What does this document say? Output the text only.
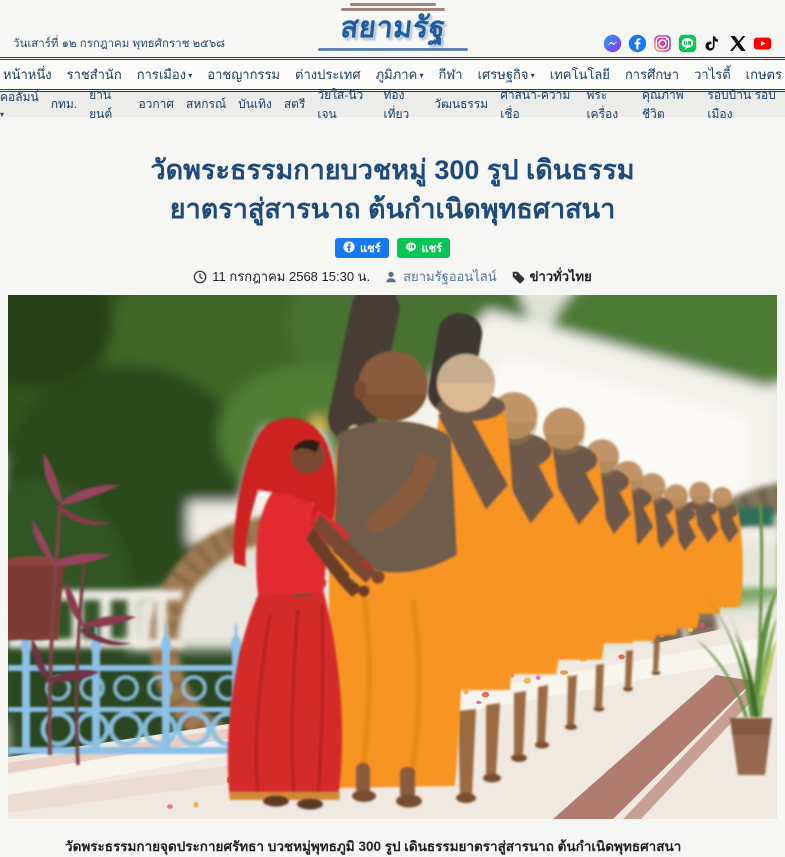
วันเสาร์ที่ ๑๒ กรกฎาคม พุทธศักราช ๒๕๖๘	สยามรัฐ
หน้าหนึ่ง ราชสำนัก การเมือง ▾ อาชญากรรม ต่างประเทศ ภูมิภาค ▾ กีฬา เศรษฐกิจ ▾ เทคโนโลยี การศึกษา วาไรตี้ เกษตร
คอลัมน์ ▾
กทม.
ยานยนต์
อวกาศ สหกรณ์ บันเทิง สตรี
วัยใส-นิวเจน
ท่องเที่ยว
วัฒนธรรม
ศาสนา-ความเชื่อ
พระเครื่อง
คุณภาพชีวิต
รอบบ้าน รอบเมือง
วัดพระธรรมกายบวชหมู่ 300 รูป เดินธรรม
ยาตราสู่สารนาถ ต้นกำเนิดพุทธศาสนา
แชร์	แชร์
11 กรกฎาคม 2568 15:30 น.	สยามรัฐออนไลน์	ข่าวทั่วไทย
วัดพระธรรมกายจุดประกายศรัทธา บวชหมู่พุทธภูมิ 300 รูป เดินธรรมยาตราสู่สารนาถ ต้นกำเนิดพุทธศาสนา
